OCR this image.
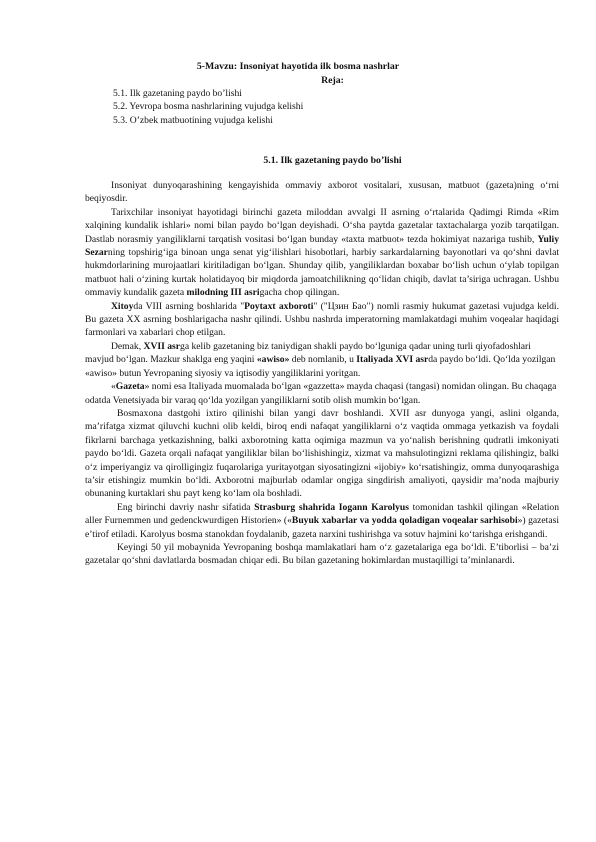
5-Mavzu: Insoniyat hayotida ilk bosma nashrlar
Reja:
5.1. Ilk gazetaning paydo bo’lishi
5.2. Yevropa bosma nashrlarining vujudga kelishi
5.3. O’zbek matbuotining vujudga kelishi
5.1. Ilk gazetaning paydo bo’lishi

Insoniyat dunyoqarashining kengayishida ommaviy axborot vositalari, xususan, matbuot (gazeta)ning o‘rni beqiyosdir.

Tarixchilar insoniyat hayotidagi birinchi gazeta miloddan avvalgi II asrning o‘rtalarida Qadimgi Rimda «Rim xalqining kundalik ishlari» nomi bilan paydo bo‘lgan deyishadi. O‘sha paytda gazetalar taxtachalarga yozib tarqatilgan. Dastlab norasmiy yangiliklarni tarqatish vositasi bo‘lgan bunday «taxta matbuot» tezda hokimiyat nazariga tushib, Yuliy Sezarning topshirig‘iga binoan unga senat yig‘ilishlari hisobotlari, harbiy sarkardalarning bayonotlari va qo‘shni davlat hukmdorlarining murojaatlari kiritiladigan bo‘lgan. Shunday qilib, yangiliklardan boxabar bo‘lish uchun o‘ylab topilgan matbuot hali o‘zining kurtak holatidayoq bir miqdorda jamoatchilikning qo‘lidan chiqib, davlat ta’siriga uchragan. Ushbu ommaviy kundalik gazeta milodning III asrigacha chop qilingan.

Xitoyda VIII asrning boshlarida "Poytaxt axboroti" ("Цзин Бао") nomli rasmiy hukumat gazetasi vujudga keldi. Bu gazeta XX asrning boshlarigacha nashr qilindi. Ushbu nashrda imperatorning mamlakatdagi muhim voqealar haqidagi farmonlari va xabarlari chop etilgan.

Demak, XVII asrga kelib gazetaning biz taniydigan shakli paydo bo‘lguniga qadar uning turli qiyofadoshlari mavjud bo‘lgan. Mazkur shaklga eng yaqini «awiso» deb nomlanib, u Italiyada XVI asrda paydo bo‘ldi. Qo‘lda yozilgan «awiso» butun Yevropaning siyosiy va iqtisodiy yangiliklarini yoritgan.

«Gazeta» nomi esa Italiyada muomalada bo‘lgan «gazzetta» mayda chaqasi (tangasi) nomidan olingan. Bu chaqaga odatda Venetsiyada bir varaq qo‘lda yozilgan yangiliklarni sotib olish mumkin bo‘lgan.

Bosmaxona dastgohi ixtiro qilinishi bilan yangi davr boshlandi. XVII asr dunyoga yangi, aslini olganda, ma’rifatga xizmat qiluvchi kuchni olib keldi, biroq endi nafaqat yangiliklarni o‘z vaqtida ommaga yetkazish va foydali fikrlarni barchaga yetkazishning, balki axborotning katta oqimiga mazmun va yo‘nalish berishning qudratli imkoniyati paydo bo‘ldi. Gazeta orqali nafaqat yangiliklar bilan bo‘lishishingiz, xizmat va mahsulotingizni reklama qilishingiz, balki o‘z imperiyangiz va qirolligingiz fuqarolariga yuritayotgan siyosatingizni «ijobiy» ko‘rsatishingiz, omma dunyoqarashiga ta’sir etishingiz mumkin bo‘ldi. Axborotni majburlab odamlar ongiga singdirish amaliyoti, qaysidir ma’noda majburiy obunaning kurtaklari shu payt keng ko‘lam ola boshladi.

Eng birinchi davriy nashr sifatida Strasburg shahrida Iogann Karolyus tomonidan tashkil qilingan «Relation aller Furnemmen und gedenckwurdigen Historien» («Buyuk xabarlar va yodda qoladigan voqealar sarhisobi») gazetasi e’tirof etiladi. Karolyus bosma stanokdan foydalanib, gazeta narxini tushirishga va sotuv hajmini ko‘tarishga erishgandi.

Keyingi 50 yil mobaynida Yevropaning boshqa mamlakatlari ham o‘z gazetalariga ega bo‘ldi. E’tiborlisi – ba’zi gazetalar qo‘shni davlatlarda bosmadan chiqar edi. Bu bilan gazetaning hokimlardan mustaqilligi ta’minlanardi.
